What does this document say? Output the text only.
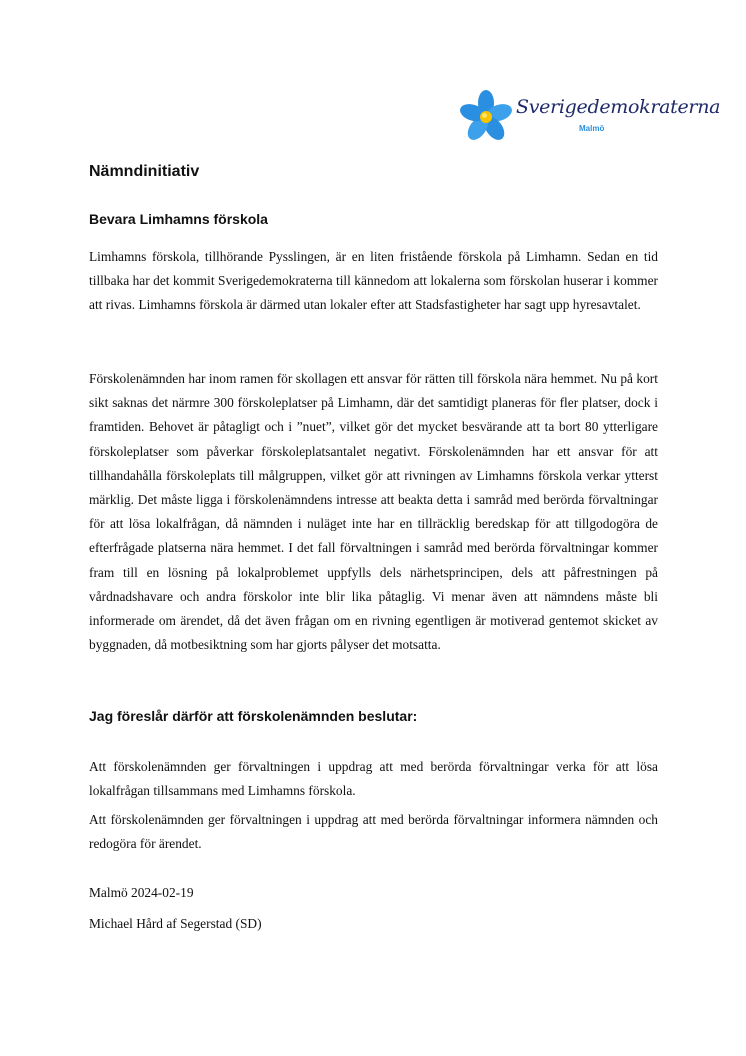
Sverigedemokraterna
Malmö
Nämndinitiativ
Bevara Limhamns förskola

Limhamns förskola, tillhörande Pysslingen, är en liten fristående förskola på Limhamn. Sedan en tid tillbaka har det kommit Sverigedemokraterna till kännedom att lokalerna som förskolan huserar i kommer att rivas. Limhamns förskola är därmed utan lokaler efter att Stadsfastigheter har sagt upp hyresavtalet.

Förskolenämnden har inom ramen för skollagen ett ansvar för rätten till förskola nära hemmet. Nu på kort sikt saknas det närmre 300 förskoleplatser på Limhamn, där det samtidigt planeras för fler platser, dock i framtiden. Behovet är påtagligt och i ”nuet”, vilket gör det mycket besvärande att ta bort 80 ytterligare förskoleplatser som påverkar förskoleplatsantalet negativt. Förskolenämnden har ett ansvar för att tillhandahålla förskoleplats till målgruppen, vilket gör att rivningen av Limhamns förskola verkar ytterst märklig. Det måste ligga i förskolenämndens intresse att beakta detta i samråd med berörda förvaltningar för att lösa lokalfrågan, då nämnden i nuläget inte har en tillräcklig beredskap för att tillgodogöra de efterfrågade platserna nära hemmet. I det fall förvaltningen i samråd med berörda förvaltningar kommer fram till en lösning på lokalproblemet uppfylls dels närhetsprincipen, dels att påfrestningen på vårdnadshavare och andra förskolor inte blir lika påtaglig. Vi menar även att nämndens måste bli informerade om ärendet, då det även frågan om en rivning egentligen är motiverad gentemot skicket av byggnaden, då motbesiktning som har gjorts pålyser det motsatta.

Jag föreslår därför att förskolenämnden beslutar:

Att förskolenämnden ger förvaltningen i uppdrag att med berörda förvaltningar verka för att lösa lokalfrågan tillsammans med Limhamns förskola.

Att förskolenämnden ger förvaltningen i uppdrag att med berörda förvaltningar informera nämnden och redogöra för ärendet.

Malmö 2024-02-19

Michael Hård af Segerstad (SD)
